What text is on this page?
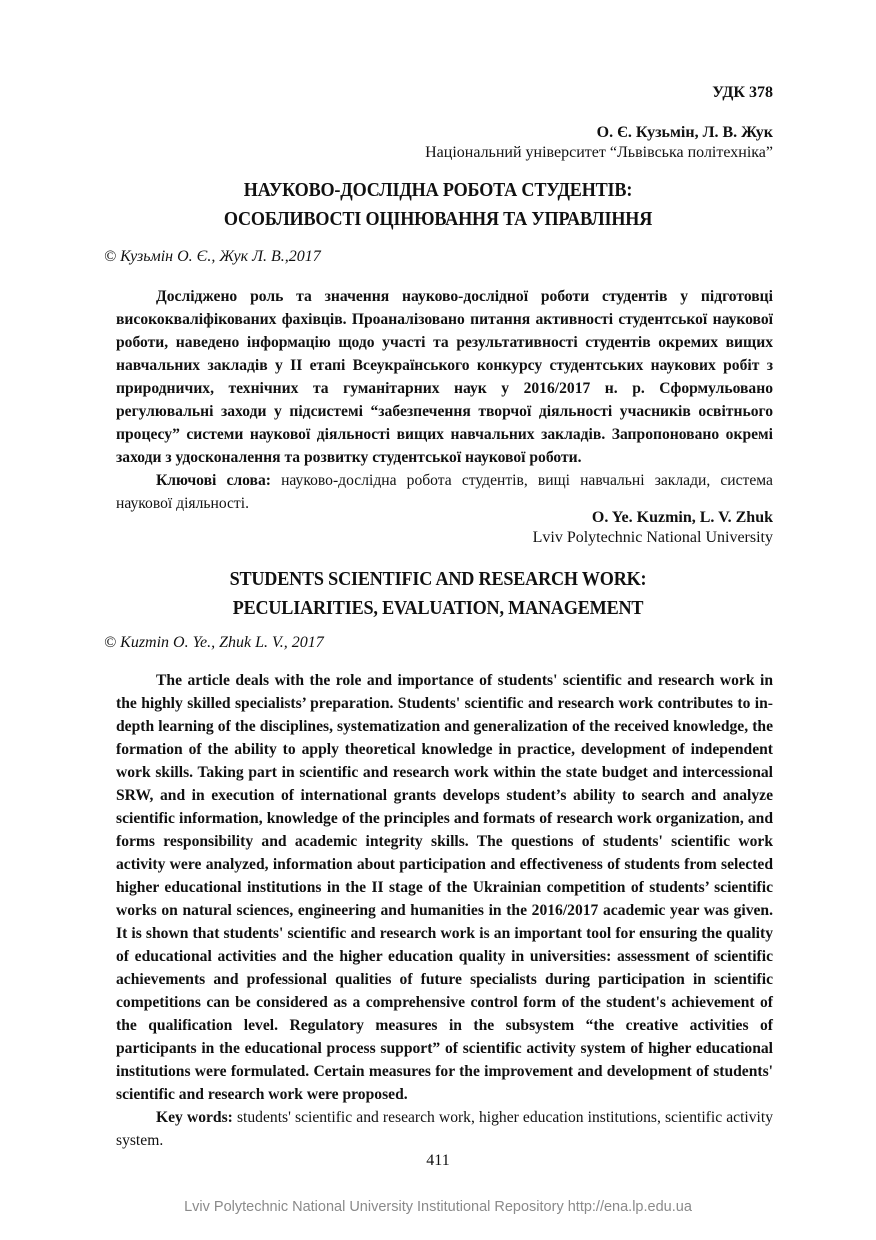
УДК 378
О. Є. Кузьмін, Л. В. Жук
Національний університет “Львівська політехніка”
НАУКОВО-ДОСЛІДНА РОБОТА СТУДЕНТІВ:
ОСОБЛИВОСТІ ОЦІНЮВАННЯ ТА УПРАВЛІННЯ
© Кузьмін О. Є., Жук Л. В.,2017

Досліджено роль та значення науково-дослідної роботи студентів у підготовці висококваліфікованих фахівців. Проаналізовано питання активності студентської наукової роботи, наведено інформацію щодо участі та результативності студентів окремих вищих навчальних закладів у ІІ етапі Всеукраїнського конкурсу студентських наукових робіт з природничих, технічних та гуманітарних наук у 2016/2017 н. р. Сформульовано регулювальні заходи у підсистемі “забезпечення творчої діяльності учасників освітнього процесу” системи наукової діяльності вищих навчальних закладів. Запропоновано окремі заходи з удосконалення та розвитку студентської наукової роботи.

Ключові слова: науково-дослідна робота студентів, вищі навчальні заклади, система наукової діяльності.

O. Ye. Kuzmin, L. V. Zhuk
Lviv Polytechnic National University
STUDENTS SCIENTIFIC AND RESEARCH WORK:
PECULIARITIES, EVALUATION, MANAGEMENT
© Kuzmin O. Ye., Zhuk L. V., 2017

The article deals with the role and importance of students' scientific and research work in the highly skilled specialists’ preparation. Students' scientific and research work contributes to in-depth learning of the disciplines, systematization and generalization of the received knowledge, the formation of the ability to apply theoretical knowledge in practice, development of independent work skills. Taking part in scientific and research work within the state budget and intercessional SRW, and in execution of international grants develops student’s ability to search and analyze scientific information, knowledge of the principles and formats of research work organization, and forms responsibility and academic integrity skills. The questions of students' scientific work activity were analyzed, information about participation and effectiveness of students from selected higher educational institutions in the II stage of the Ukrainian competition of students’ scientific works on natural sciences, engineering and humanities in the 2016/2017 academic year was given. It is shown that students' scientific and research work is an important tool for ensuring the quality of educational activities and the higher education quality in universities: assessment of scientific achievements and professional qualities of future specialists during participation in scientific competitions can be considered as a comprehensive control form of the student's achievement of the qualification level. Regulatory measures in the subsystem “the creative activities of participants in the educational process support” of scientific activity system of higher educational institutions were formulated. Certain measures for the improvement and development of students' scientific and research work were proposed.

Key words: students' scientific and research work, higher education institutions, scientific activity system.

411
Lviv Polytechnic National University Institutional Repository http://ena.lp.edu.ua
